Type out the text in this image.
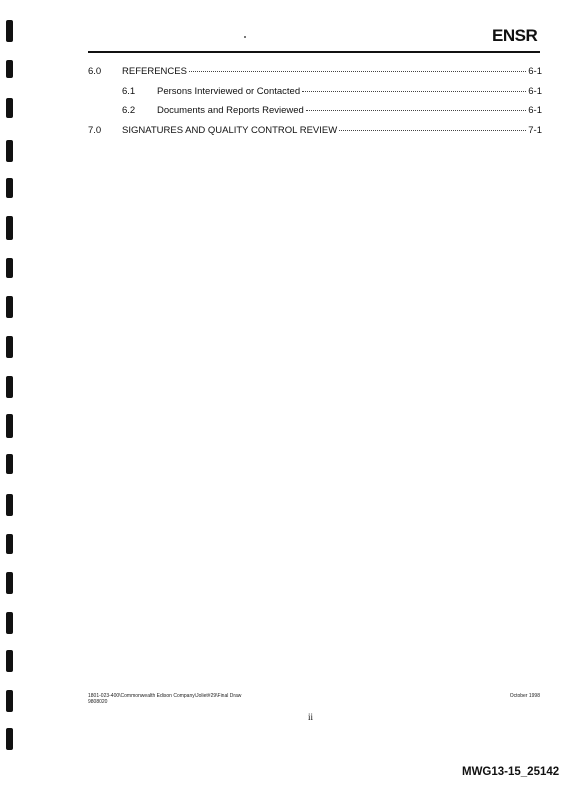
ENSR
6.0	REFERENCES	6-1
6.1	Persons Interviewed or Contacted	6-1
6.2	Documents and Reports Reviewed	6-1
7.0	SIGNATURES AND QUALITY CONTROL REVIEW	7-1
1801-023-400\Commonwealth Edison Company\Joliet#29\Final Draw
9808020
October 1998
ii
MWG13-15_25142
